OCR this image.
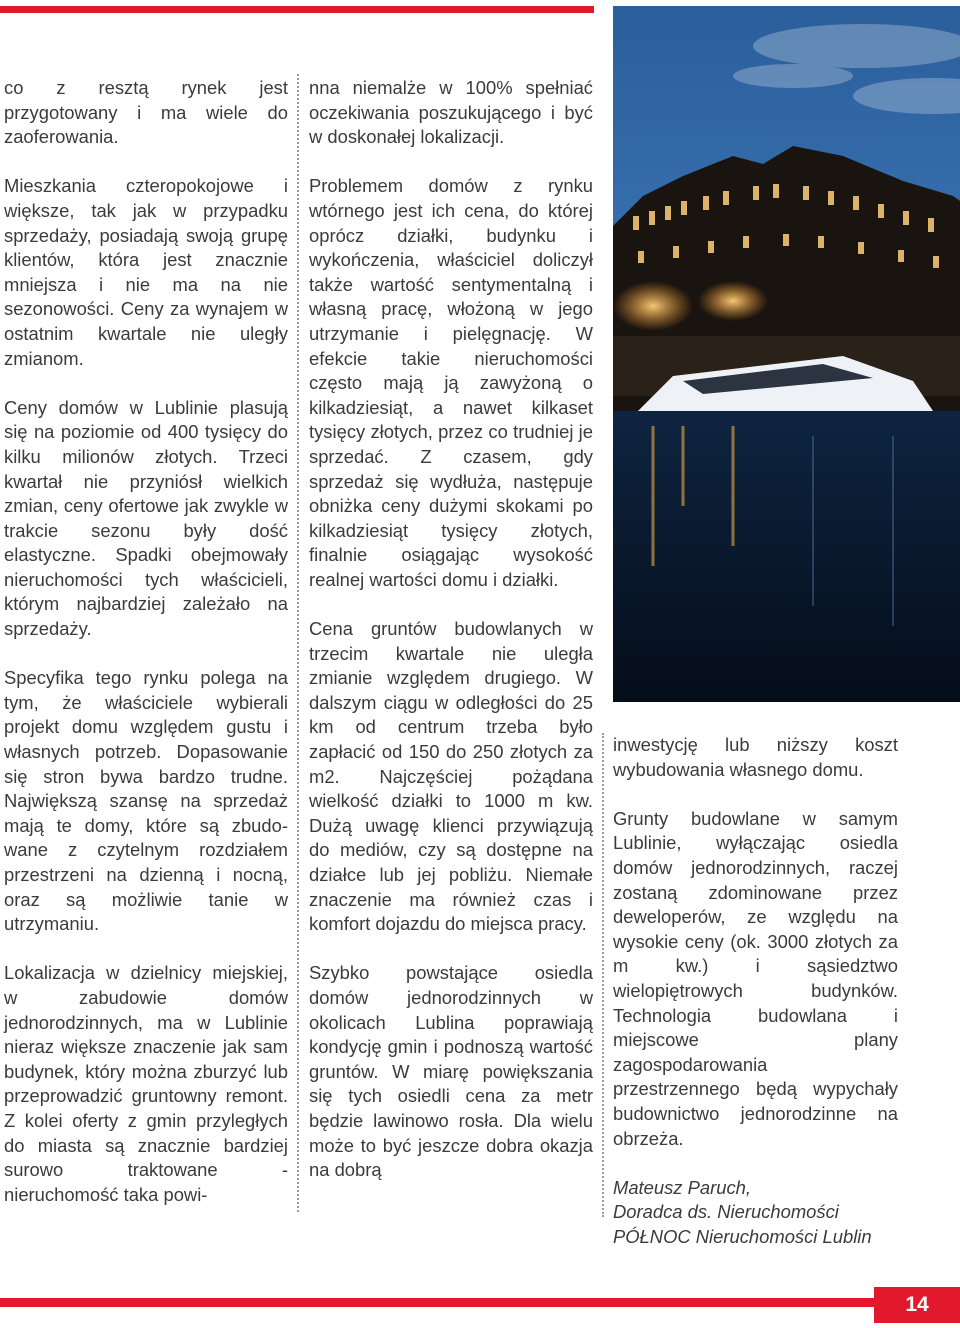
co z resztą rynek jest przygotowany i ma wiele do zaoferowania.

Mieszkania czteropokojowe i większe, tak jak w przypadku sprzedaży, posiadają swoją grupę klientów, która jest znacznie mniejsza i nie ma na nie sezonowości. Ceny za wynajem w ostatnim kwartale nie uległy zmianom.

Ceny domów w Lublinie plasują się na poziomie od 400 tysięcy do kilku milionów złotych. Trzeci kwartał nie przyniósł wielkich zmian, ceny ofertowe jak zwykle w trakcie sezonu były dość elastyczne. Spadki obejmowały nieruchomości tych właścicieli, którym najbardziej zależało na sprzedaży.

Specyfika tego rynku polega na tym, że właściciele wybierali projekt domu względem gustu i własnych potrzeb. Dopasowanie się stron bywa bardzo trudne. Największą szansę na sprzedaż mają te domy, które są zbudo-wane z czytelnym rozdziałem przestrzeni na dzienną i nocną, oraz są możliwie tanie w utrzymaniu.

Lokalizacja w dzielnicy miejskiej, w zabudowie domów jednorodzinnych, ma w Lublinie nieraz większe znaczenie jak sam budynek, który można zburzyć lub przeprowadzić gruntowny remont. Z kolei oferty z gmin przyległych do miasta są znacznie bardziej surowo traktowane - nieruchomość taka powi-

nna niemalże w 100% spełniać oczekiwania poszukującego i być w doskonałej lokalizacji.

Problemem domów z rynku wtórnego jest ich cena, do której oprócz działki, budynku i wykończenia, właściciel doliczył także wartość sentymentalną i własną pracę, włożoną w jego utrzymanie i pielęgnację. W efekcie takie nieruchomości często mają ją zawyżoną o kilkadziesiąt, a nawet kilkaset tysięcy złotych, przez co trudniej je sprzedać. Z czasem, gdy sprzedaż się wydłuża, następuje obniżka ceny dużymi skokami po kilkadziesiąt tysięcy złotych, finalnie osiągając wysokość realnej wartości domu i działki.

Cena gruntów budowlanych w trzecim kwartale nie uległa zmianie względem drugiego. W dalszym ciągu w odległości do 25 km od centrum trzeba było zapłacić od 150 do 250 złotych za m2. Najczęściej pożądana wielkość działki to 1000 m kw. Dużą uwagę klienci przywiązują do mediów, czy są dostępne na działce lub jej pobliżu. Niemałe znaczenie ma również czas i komfort dojazdu do miejsca pracy.

Szybko powstające osiedla domów jednorodzinnych w okolicach Lublina poprawiają kondycję gmin i podnoszą wartość gruntów. W miarę powiększania się tych osiedli cena za metr będzie lawinowo rosła. Dla wielu może to być jeszcze dobra okazja na dobrą

inwestycję lub niższy koszt wybudowania własnego domu.

Grunty budowlane w samym Lublinie, wyłączając osiedla domów jednorodzinnych, raczej zostaną zdominowane przez deweloperów, ze względu na wysokie ceny (ok. 3000 złotych za m kw.) i sąsiedztwo wielopiętrowych budynków. Technologia budowlana i miejscowe plany zagospodarowania przestrzennego będą wypychały budownictwo jednorodzinne na obrzeża.

Mateusz Paruch,

Doradca ds. Nieruchomości

PÓŁNOC Nieruchomości Lublin

14
